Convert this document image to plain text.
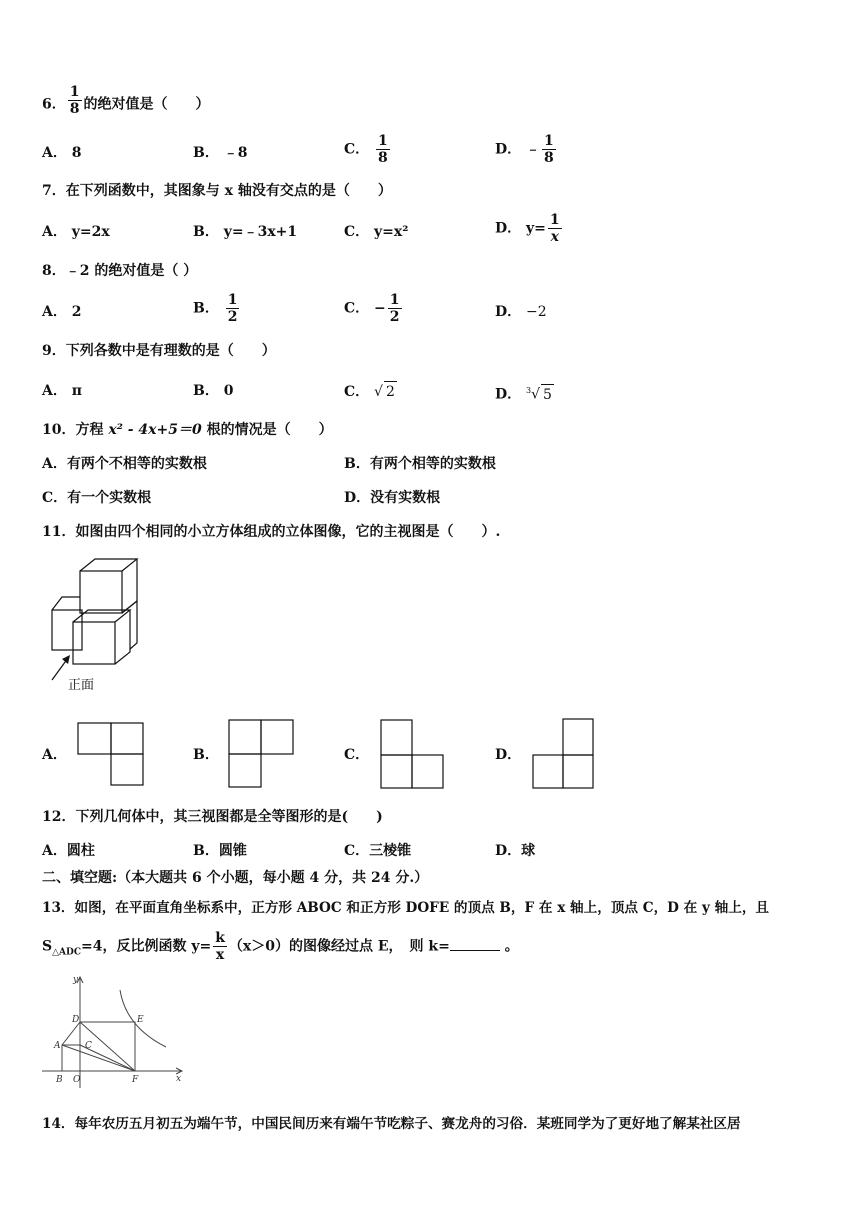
6． $\frac{1}{8}$ 的绝对值是（　　）
A． 8	B． ﹣8	C． $\frac{1}{8}$	D． ﹣ $\frac{1}{8}$
7．在下列函数中，其图象与 x 轴没有交点的是（　　）
A． y=2x	B． y=﹣3x+1	C． y=x²	D． $y= \frac{1}{x}$
8．﹣2 的绝对值是（ ）
A． 2	B． $\frac{1}{2}$	C． − $\frac{1}{2}$	D． −2
9．下列各数中是有理数的是（　　）
A． π	B． 0	C． √ 2	D． $^3$√ 5
10．方程 x² - 4x+5＝0 根的情况是（　　）
A．有两个不相等的实数根	B．有两个相等的实数根
C．有一个实数根	D．没有实数根
11．如图由四个相同的小立方体组成的立体图像，它的主视图是（　　）.
正面
A．	B．	C．	D．
12．下列几何体中，其三视图都是全等图形的是(　　)
A．圆柱	B．圆锥	C．三棱锥	D．球
二、填空题:（本大题共 6 个小题，每小题 4 分，共 24 分.）
13．如图，在平面直角坐标系中，正方形 ABOC 和正方形 DOFE 的顶点 B，F 在 x 轴上，顶点 C，D 在 y 轴上，且
$S_{\triangle ADC}=4$，反比例函数 $y= \frac{k}{x} (x>0)$的图像经过点 E，　则 k=	。
y
x
D	E
A	C
B O	F
14．每年农历五月初五为端午节，中国民间历来有端午节吃粽子、赛龙舟的习俗．某班同学为了更好地了解某社区居
